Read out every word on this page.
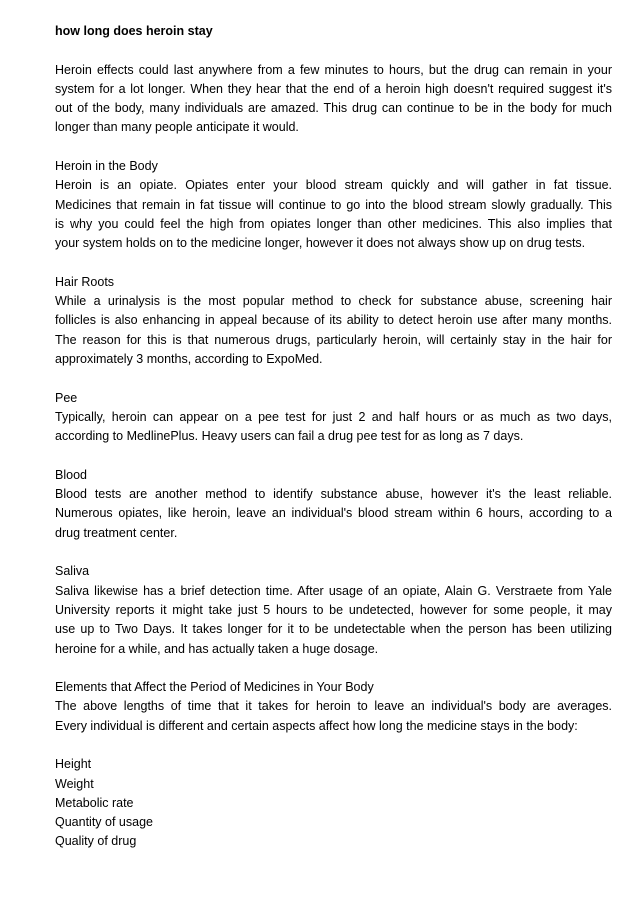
how long does heroin stay
Heroin effects could last anywhere from a few minutes to hours, but the drug can remain in your
system for a lot longer. When they hear that the end of a heroin high doesn't required suggest it's
out of the body, many individuals are amazed. This drug can continue to be in the body for much
longer than many people anticipate it would.
Heroin in the Body
Heroin is an opiate. Opiates enter your blood stream quickly and will gather in fat tissue.
Medicines that remain in fat tissue will continue to go into the blood stream slowly gradually. This
is why you could feel the high from opiates longer than other medicines. This also implies that
your system holds on to the medicine longer, however it does not always show up on drug tests.
Hair Roots
While a urinalysis is the most popular method to check for substance abuse, screening hair
follicles is also enhancing in appeal because of its ability to detect heroin use after many months.
The reason for this is that numerous drugs, particularly heroin, will certainly stay in the hair for
approximately 3 months, according to ExpoMed.
Pee
Typically, heroin can appear on a pee test for just 2 and half hours or as much as two days,
according to MedlinePlus. Heavy users can fail a drug pee test for as long as 7 days.
Blood
Blood tests are another method to identify substance abuse, however it's the least reliable.
Numerous opiates, like heroin, leave an individual's blood stream within 6 hours, according to a
drug treatment center.
Saliva
Saliva likewise has a brief detection time. After usage of an opiate, Alain G. Verstraete from Yale
University reports it might take just 5 hours to be undetected, however for some people, it may
use up to Two Days. It takes longer for it to be undetectable when the person has been utilizing
heroine for a while, and has actually taken a huge dosage.
Elements that Affect the Period of Medicines in Your Body
The above lengths of time that it takes for heroin to leave an individual's body are averages.
Every individual is different and certain aspects affect how long the medicine stays in the body:
Height
Weight
Metabolic rate
Quantity of usage
Quality of drug
